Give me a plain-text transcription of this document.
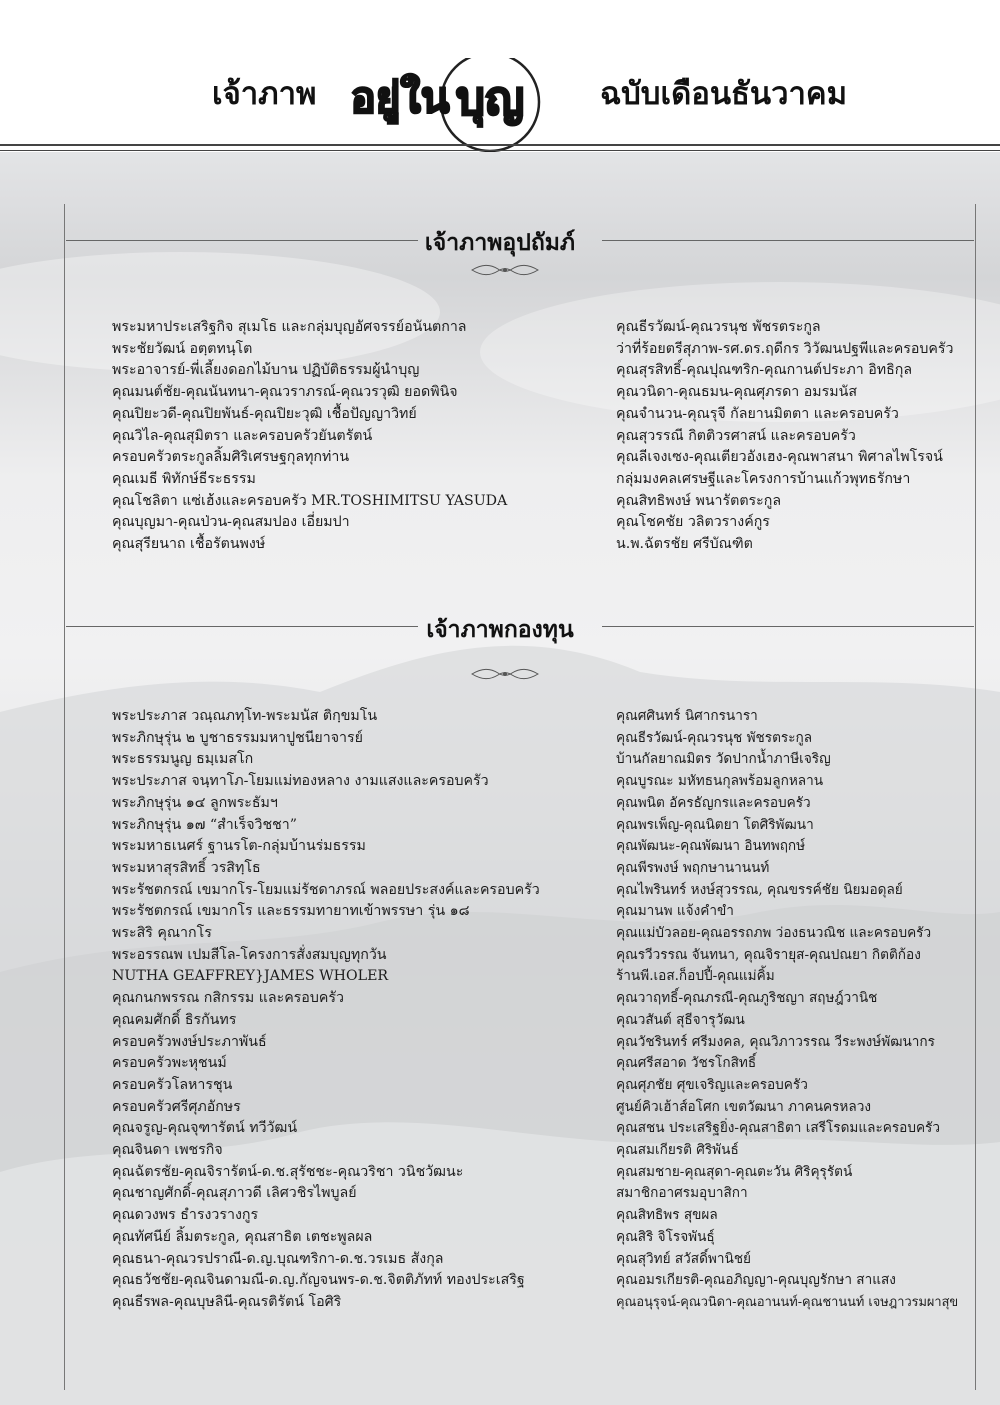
เจ้าภาพ อยู่ใน บุญ ฉบับเดือนธันวาคม
เจ้าภาพอุปถัมภ์
พระมหาประเสริฐกิจ สุเมโธ และกลุ่มบุญอัศจรรย์อนันตกาล
พระชัยวัฒน์ อตฺตทนฺโต
พระอาจารย์-พี่เลี้ยงดอกไม้บาน ปฏิบัติธรรมผู้นำบุญ
คุณมนต์ชัย-คุณนันทนา-คุณวราภรณ์-คุณวรวุฒิ ยอดพินิจ
คุณปิยะวดี-คุณปิยพันธ์-คุณปิยะวุฒิ เชื้อปัญญาวิทย์
คุณวิไล-คุณสุมิตรา และครอบครัวยันตรัตน์
ครอบครัวตระกูลลิ้มศิริเศรษฐกุลทุกท่าน
คุณเมธี พิทักษ์ธีระธรรม
คุณโชลิตา แซ่เฮ้งและครอบครัว MR.TOSHIMITSU YASUDA
คุณบุญมา-คุณป่วน-คุณสมปอง เอี่ยมปา
คุณสุรียนาถ เชื้อรัตนพงษ์
คุณธีรวัฒน์-คุณวรนุช พัชรตระกูล
ว่าที่ร้อยตรีสุภาพ-รศ.ดร.ฤดีกร วิวัฒนปฐพีและครอบครัว
คุณสุรสิทธิ์-คุณปุณฑริก-คุณกานต์ประภา อิทธิกุล
คุณวนิดา-คุณธมน-คุณศุภรดา อมรมนัส
คุณจำนวน-คุณรุจี กัลยานมิตตา และครอบครัว
คุณสุวรรณี กิตติวรศาสน์ และครอบครัว
คุณลีเจงเซง-คุณเตียวอังเฮง-คุณพาสนา พิศาลไพโรจน์
กลุ่มมงคลเศรษฐีและโครงการบ้านแก้วพุทธรักษา
คุณสิทธิพงษ์ พนารัตตระกูล
คุณโชคชัย วลิตวรางค์กูร
น.พ.ฉัตรชัย ศรีบัณฑิต
เจ้าภาพกองทุน
พระประภาส วณฺณภทฺโท-พระมนัส ติกฺขมโน
พระภิกษุรุ่น ๒ บูชาธรรมมหาปูชนียาจารย์
พระธรรมนูญ ธมฺเมสโก
พระประภาส จนฺทาโภ-โยมแม่ทองหลาง งามแสงและครอบครัว
พระภิกษุรุ่น ๑๔ ลูกพระธัมฯ
พระภิกษุรุ่น ๑๗ “สำเร็จวิชชา”
พระมหาธเนศร์ ฐานรโต-กลุ่มบ้านร่มธรรม
พระมหาสุรสิทธิ์ วรสิทฺโธ
พระรัชตกรณ์ เขมากโร-โยมแม่รัชดาภรณ์ พลอยประสงค์และครอบครัว
พระรัชตกรณ์ เขมากโร และธรรมทายาทเข้าพรรษา รุ่น ๑๘
พระสิริ คุณากโร
พระอรรณพ เปมสีโล-โครงการสั่งสมบุญทุกวัน
NUTHA GEAFFREY}JAMES WHOLER
คุณกนกพรรณ กสิกรรม และครอบครัว
คุณคมศักดิ์ ธิรกันทร
ครอบครัวพงษ์ประภาพันธ์
ครอบครัวพะหุชนม์
ครอบครัวโลหารชุน
ครอบครัวศรีศุภอักษร
คุณจรูญ-คุณจุฑารัตน์ ทวีวัฒน์
คุณจินดา เพชรกิจ
คุณฉัตรชัย-คุณจิรารัตน์-ด.ช.สุรัชชะ-คุณวริชา วนิชวัฒนะ
คุณชาญศักดิ์-คุณสุภาวดี เลิศวชิรไพบูลย์
คุณดวงพร ธำรงวรางกูร
คุณทัศนีย์ ลิ้มตระกูล, คุณสาธิต เตชะพูลผล
คุณธนา-คุณวรปราณี-ด.ญ.บุณฑริกา-ด.ช.วรเมธ สังกุล
คุณธวัชชัย-คุณจินดามณี-ด.ญ.กัญจนพร-ด.ช.จิตติภัทท์ ทองประเสริฐ
คุณธีรพล-คุณบุษลินี-คุณรติรัตน์ โอศิริ
คุณศศินทร์ นิศากรนารา
คุณธีรวัฒน์-คุณวรนุช พัชรตระกูล
บ้านกัลยาณมิตร วัดปากน้ำภาษีเจริญ
คุณบูรณะ มหัทธนกุลพร้อมลูกหลาน
คุณพนิต อัครธัญกรและครอบครัว
คุณพรเพ็ญ-คุณนิตยา โตศิริพัฒนา
คุณพัฒนะ-คุณพัฒนา อินทพฤกษ์
คุณพีรพงษ์ พฤกษานานนท์
คุณไพรินทร์ หงษ์สุวรรณ, คุณขรรค์ชัย นิยมอดุลย์
คุณมานพ แจ้งคำขำ
คุณแม่บัวลอย-คุณอรรถภพ ว่องธนวณิช และครอบครัว
คุณรวีวรรณ จันทนา, คุณจิรายุส-คุณปณยา กิตติก้อง
ร้านพี.เอส.ก็อปปี้-คุณแม่คิ้ม
คุณวาฤทธิ์-คุณภรณี-คุณภูริชญา สฤษฎ์วานิช
คุณวสันต์ สุธีจารุวัฒน
คุณวัชรินทร์ ศรีมงคล, คุณวิภาวรรณ วีระพงษ์พัฒนากร
คุณศรีสอาด วัชรโกสิทธิ์
คุณศุภชัย ศุขเจริญและครอบครัว
ศูนย์คิวเฮ้าส์อโศก เขตวัฒนา ภาคนครหลวง
คุณสชน ประเสริฐยิ่ง-คุณสาธิตา เสรีโรดมและครอบครัว
คุณสมเกียรติ ศิริพันธ์
คุณสมชาย-คุณสุดา-คุณตะวัน ศิริคุรุรัตน์
สมาชิกอาศรมอุบาสิกา
คุณสิทธิพร สุขผล
คุณสิริ จิโรจพันธุ์
คุณสุวิทย์ สวัสดิ์พานิชย์
คุณอมรเกียรติ-คุณอภิญญา-คุณบุญรักษา สาแสง
คุณอนุรุจน์-คุณวนิดา-คุณอานนท์-คุณชานนท์ เจษฎาวรมผาสุข
